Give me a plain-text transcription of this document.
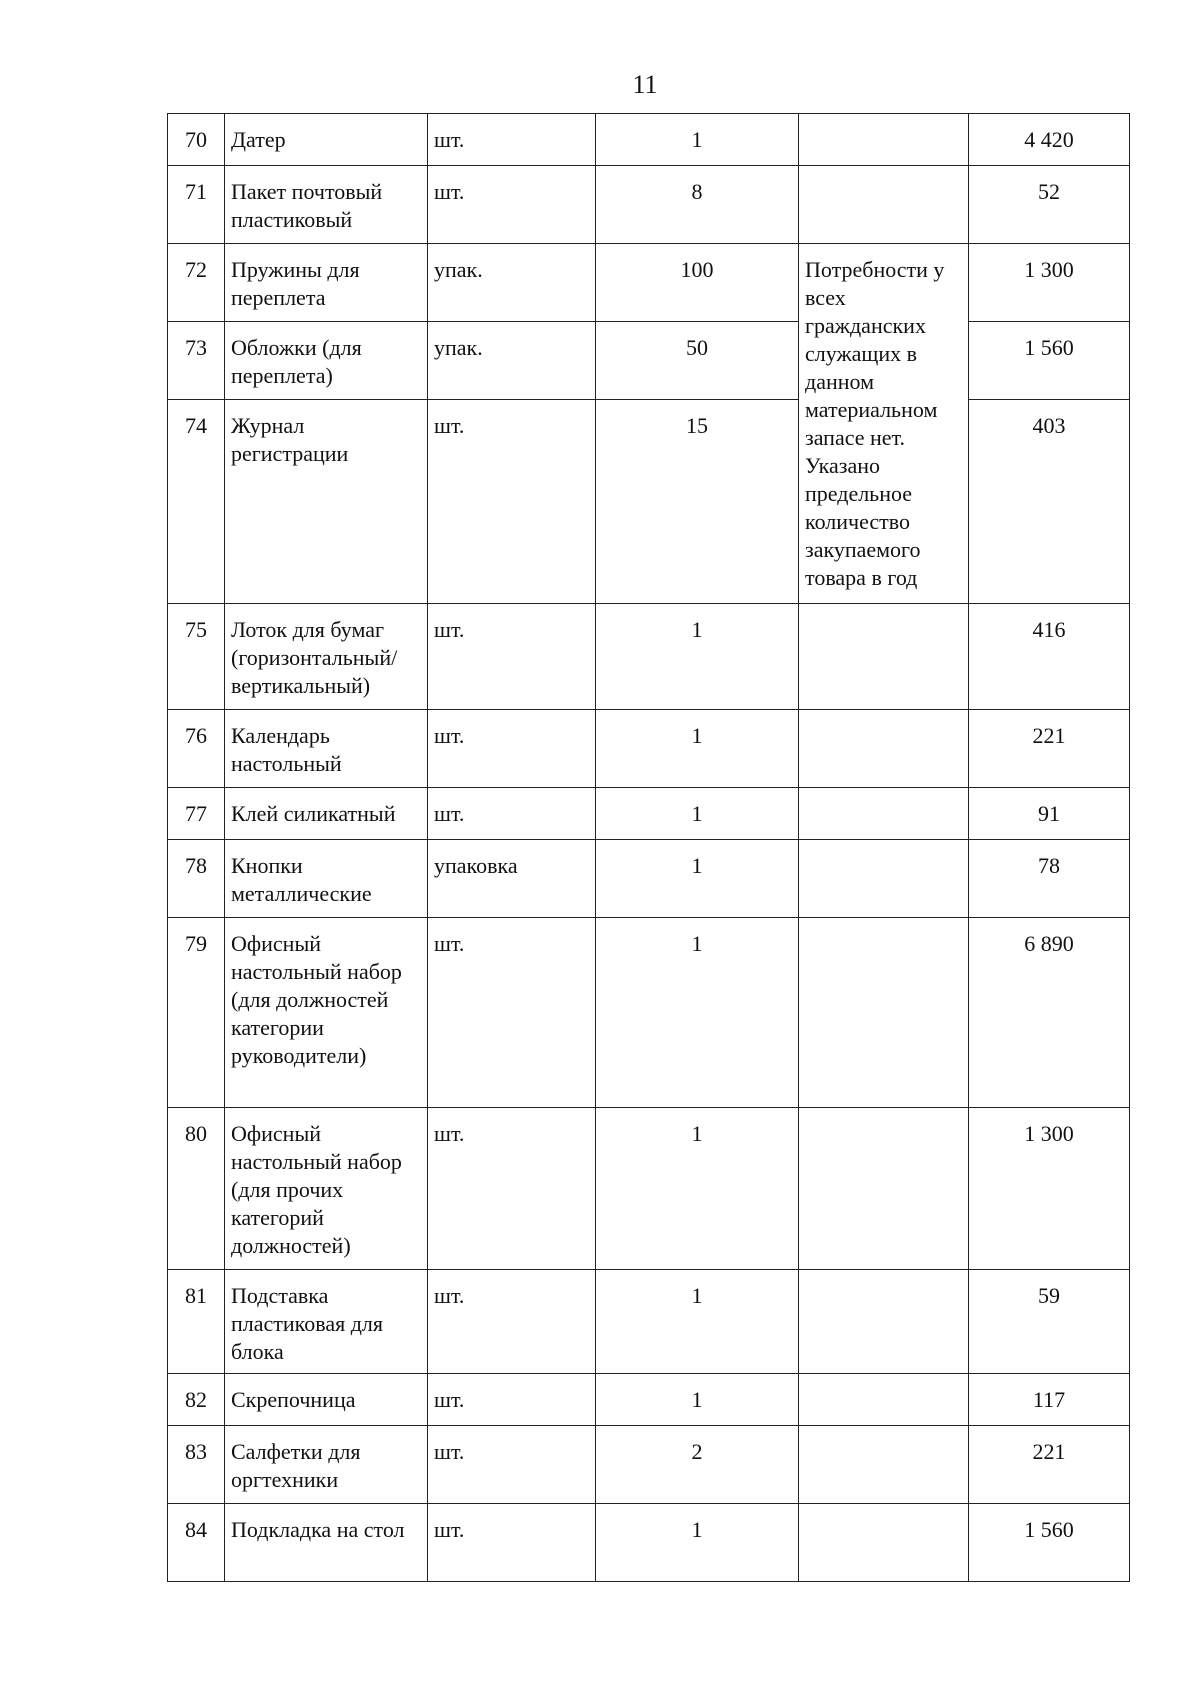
11
70	Датер	шт.	1		4 420
71	Пакет почтовый пластиковый	шт.	8		52
72	Пружины для переплета	упак.	100	Потребности у всех гражданских служащих в данном материальном запасе нет. Указано предельное количество закупаемого товара в год	1 300
73	Обложки (для переплета)	упак.	50		1 560
74	Журнал регистрации	шт.	15		403
75	Лоток для бумаг (горизонтальный/ вертикальный)	шт.	1		416
76	Календарь настольный	шт.	1		221
77	Клей силикатный	шт.	1		91
78	Кнопки металлические	упаковка	1		78
79	Офисный настольный набор (для должностей категории руководители)	шт.	1		6 890
80	Офисный настольный набор (для прочих категорий должностей)	шт.	1		1 300
81	Подставка пластиковая для блока	шт.	1		59
82	Скрепочница	шт.	1		117
83	Салфетки для оргтехники	шт.	2		221
84	Подкладка на стол	шт.	1		1 560
